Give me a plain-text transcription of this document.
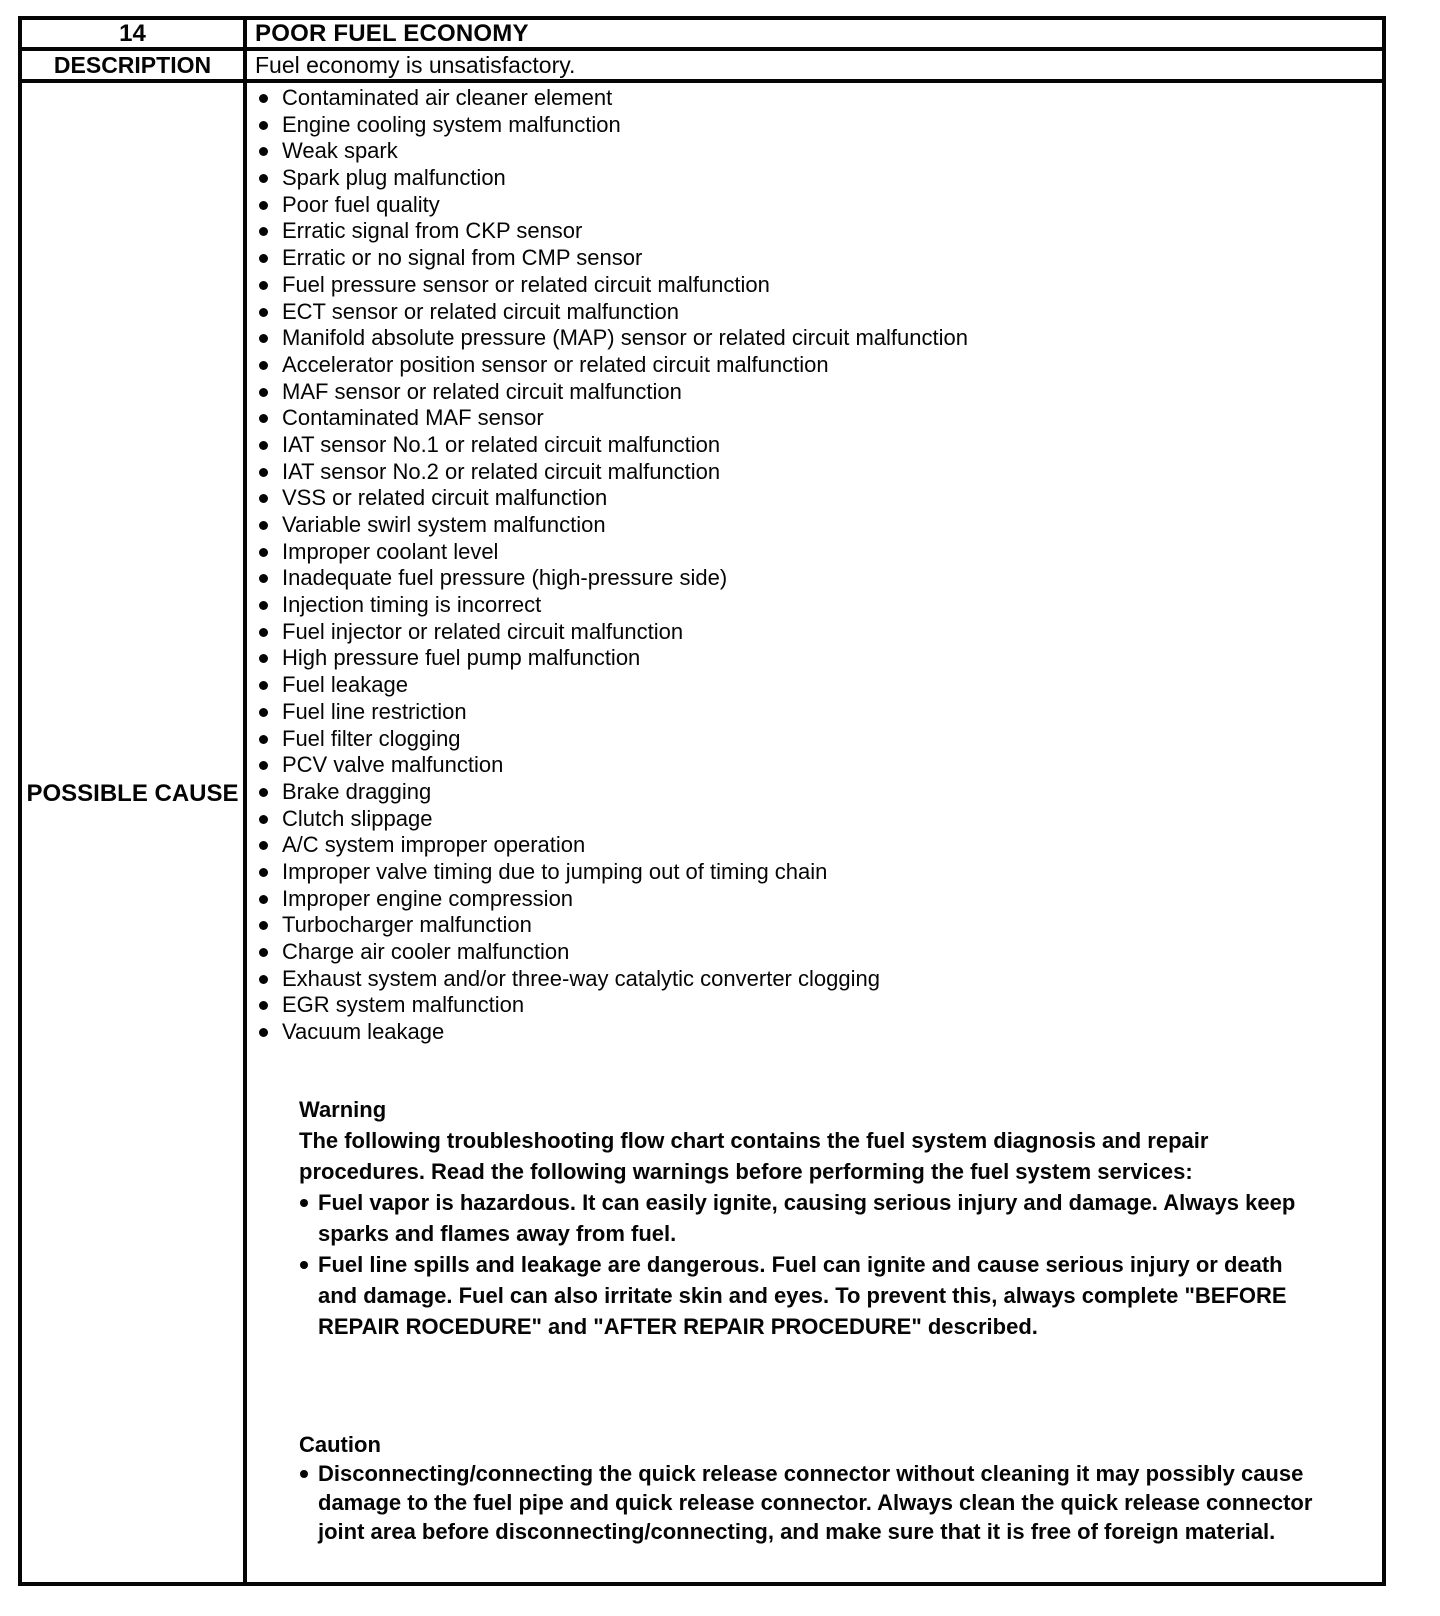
14	POOR FUEL ECONOMY
DESCRIPTION Fuel economy is unsatisfactory.
POSSIBLE CAUSE
Contaminated air cleaner element
Engine cooling system malfunction
Weak spark
Spark plug malfunction
Poor fuel quality
Erratic signal from CKP sensor
Erratic or no signal from CMP sensor
Fuel pressure sensor or related circuit malfunction
ECT sensor or related circuit malfunction
Manifold absolute pressure (MAP) sensor or related circuit malfunction
Accelerator position sensor or related circuit malfunction
MAF sensor or related circuit malfunction
Contaminated MAF sensor
IAT sensor No.1 or related circuit malfunction
IAT sensor No.2 or related circuit malfunction
VSS or related circuit malfunction
Variable swirl system malfunction
Improper coolant level
Inadequate fuel pressure (high-pressure side)
Injection timing is incorrect
Fuel injector or related circuit malfunction
High pressure fuel pump malfunction
Fuel leakage
Fuel line restriction
Fuel filter clogging
PCV valve malfunction
Brake dragging
Clutch slippage
A/C system improper operation
Improper valve timing due to jumping out of timing chain
Improper engine compression
Turbocharger malfunction
Charge air cooler malfunction
Exhaust system and/or three-way catalytic converter clogging
EGR system malfunction
Vacuum leakage
Warning
The following troubleshooting flow chart contains the fuel system diagnosis and repair procedures. Read the following warnings before performing the fuel system services:
Fuel vapor is hazardous. It can easily ignite, causing serious injury and damage. Always keep sparks and flames away from fuel.
Fuel line spills and leakage are dangerous. Fuel can ignite and cause serious injury or death and damage. Fuel can also irritate skin and eyes. To prevent this, always complete "BEFORE REPAIR ROCEDURE" and "AFTER REPAIR PROCEDURE" described.
Caution
Disconnecting/connecting the quick release connector without cleaning it may possibly cause damage to the fuel pipe and quick release connector. Always clean the quick release connector joint area before disconnecting/connecting, and make sure that it is free of foreign material.
